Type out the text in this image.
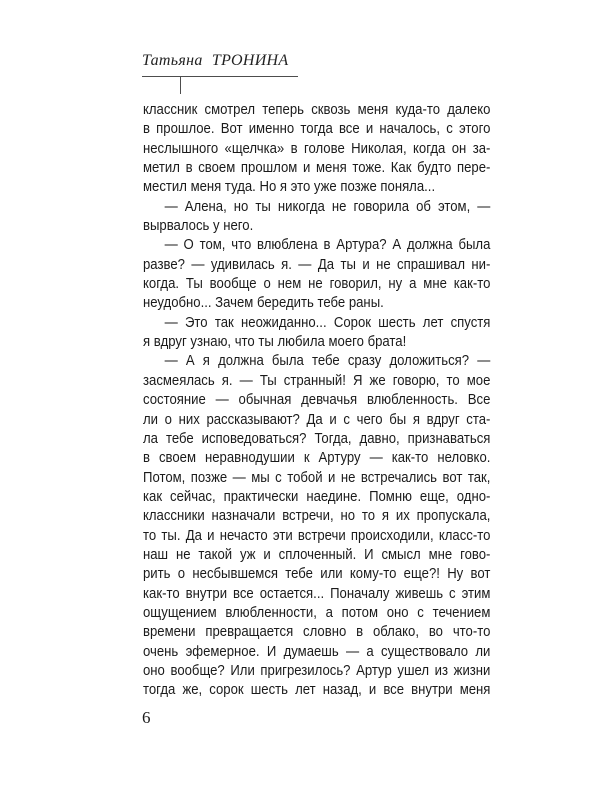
Татьяна ТРОНИНА
классник смотрел теперь сквозь меня куда-то далеко
в прошлое. Вот именно тогда все и началось, с этого
неслышного «щелчка» в голове Николая, когда он за-
метил в своем прошлом и меня тоже. Как будто пере-
местил меня туда. Но я это уже позже поняла...
— Алена, но ты никогда не говорила об этом, —
вырвалось у него.
— О том, что влюблена в Артура? А должна была
разве? — удивилась я. — Да ты и не спрашивал ни-
когда. Ты вообще о нем не говорил, ну а мне как-то
неудобно... Зачем бередить тебе раны.
— Это так неожиданно... Сорок шесть лет спустя
я вдруг узнаю, что ты любила моего брата!
— А я должна была тебе сразу доложиться? —
засмеялась я. — Ты странный! Я же говорю, то мое
состояние — обычная девчачья влюбленность. Все
ли о них рассказывают? Да и с чего бы я вдруг ста-
ла тебе исповедоваться? Тогда, давно, признаваться
в своем неравнодушии к Артуру — как-то неловко.
Потом, позже — мы с тобой и не встречались вот так,
как сейчас, практически наедине. Помню еще, одно-
классники назначали встречи, но то я их пропускала,
то ты. Да и нечасто эти встречи происходили, класс-то
наш не такой уж и сплоченный. И смысл мне гово-
рить о несбывшемся тебе или кому-то еще?! Ну вот
как-то внутри все остается... Поначалу живешь с этим
ощущением влюбленности, а потом оно с течением
времени превращается словно в облако, во что-то
очень эфемерное. И думаешь — а существовало ли
оно вообще? Или пригрезилось? Артур ушел из жизни
тогда же, сорок шесть лет назад, и все внутри меня
6
